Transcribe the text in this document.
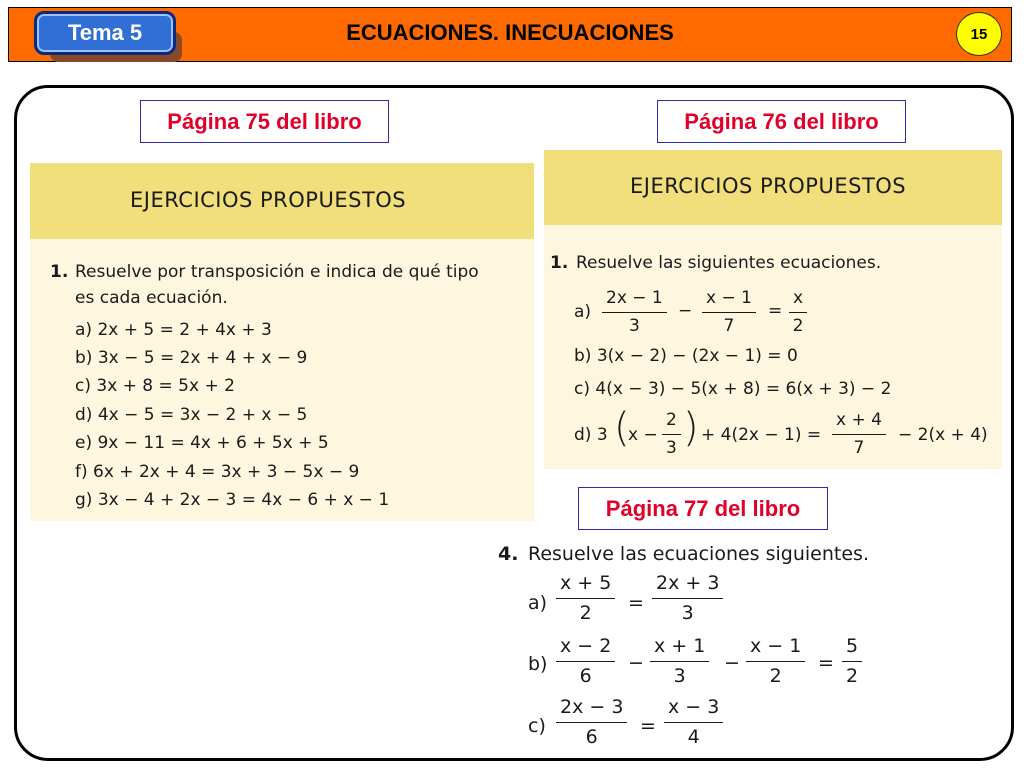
Tema 5	ECUACIONES. INECUACIONES	15
Página 75 del libro	Página 76 del libro
Página 77 del libro
EJERCICIOS PROPUESTOS
1. Resuelve por transposición e indica de qué tipo
es cada ecuación.
a) 2x + 5 = 2 + 4x + 3
b) 3x − 5 = 2x + 4 + x − 9
c) 3x + 8 = 5x + 2
d) 4x − 5 = 3x − 2 + x − 5
e) 9x − 11 = 4x + 6 + 5x + 5
f) 6x + 2x + 4 = 3x + 3 − 5x − 9
g) 3x − 4 + 2x − 3 = 4x − 6 + x − 1
EJERCICIOS PROPUESTOS
1. Resuelve las siguientes ecuaciones.
$a) \frac{2x - 1}{3} - \frac{x - 1}{7} = \frac{x}{2}$
b) 3(x − 2) − (2x − 1) = 0
c) 4(x − 3) − 5(x + 8) = 6(x + 3) − 2
d) 3 (
$x - \frac{2}{3}$ ) + $4(2x - 1) = \frac{x + 4}{7} - 2(x + 4)$
4. Resuelve las ecuaciones siguientes.
$a) \frac{x + 5}{2} = \frac{2x + 3}{3}$
$b) \frac{x - 2}{6} - \frac{x + 1}{3} - \frac{x - 1}{2} = \frac{5}{2}$
$c) \frac{2x - 3}{6} = \frac{x - 3}{4}$
